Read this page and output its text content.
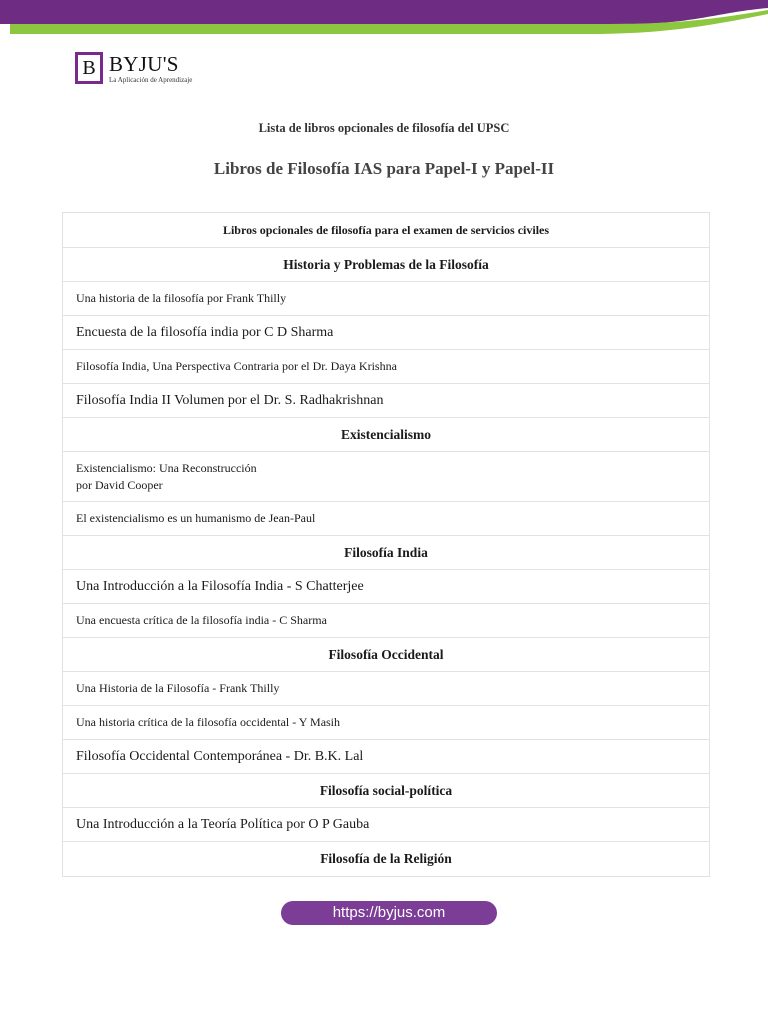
B BYJU'S
La Aplicación de Aprendizaje
Lista de libros opcionales de filosofía del UPSC
Libros de Filosofía IAS para Papel-I y Papel-II
Libros opcionales de filosofía para el examen de servicios civiles
Historia y Problemas de la Filosofía
Una historia de la filosofía por Frank Thilly
Encuesta de la filosofía india por C D Sharma
Filosofía India, Una Perspectiva Contraria por el Dr. Daya Krishna
Filosofía India II Volumen por el Dr. S. Radhakrishnan
Existencialismo
Existencialismo: Una Reconstrucción
por David Cooper
El existencialismo es un humanismo de Jean-Paul
Filosofía India
Una Introducción a la Filosofía India - S Chatterjee
Una encuesta crítica de la filosofía india - C Sharma
Filosofía Occidental
Una Historia de la Filosofía - Frank Thilly
Una historia crítica de la filosofía occidental - Y Masih
Filosofía Occidental Contemporánea - Dr. B.K. Lal
Filosofía social-política
Una Introducción a la Teoría Política por O P Gauba
Filosofía de la Religión
https://byjus.com
